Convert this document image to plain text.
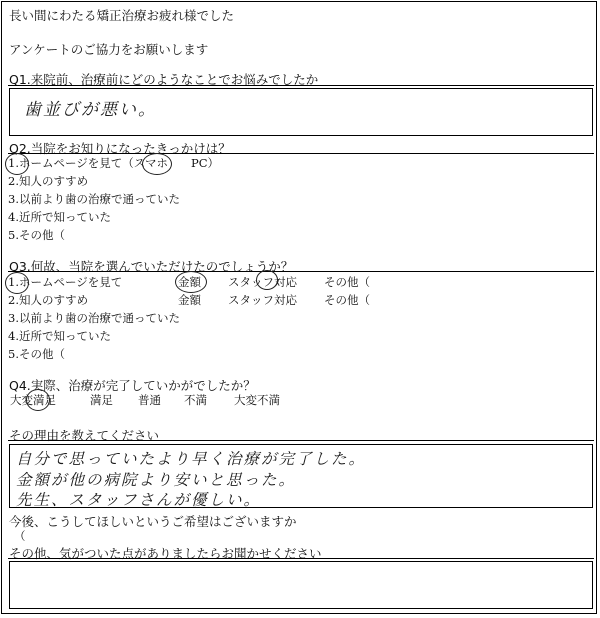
長い間にわたる矯正治療お疲れ様でした
アンケートのご協力をお願いします
Q1.来院前、治療前にどのようなことでお悩みでしたか
歯並びが悪い。
Q2.当院をお知りになったきっかけは？
1.ホームページを見て（スマホ　　PC）
2.知人のすすめ
3.以前より歯の治療で通っていた
4.近所で知っていた
5.その他（
Q3.何故、当院を選んでいただけたのでしょうか？
1.ホームページを見て
2.知人のすすめ
3.以前より歯の治療で通っていた
4.近所で知っていた
5.その他（
金額 スタッフ対応 その他（
金額 スタッフ対応 その他（
Q4.実際、治療が完了していかがでしたか？
大変満足	満足 普通 不満 大変不満
その理由を教えてください
自分で思っていたより早く治療が完了した。
金額が他の病院より安いと思った。
先生、スタッフさんが優しい。
今後、こうしてほしいというご希望はございますか
（
その他、気がついた点がありましたらお聞かせください
